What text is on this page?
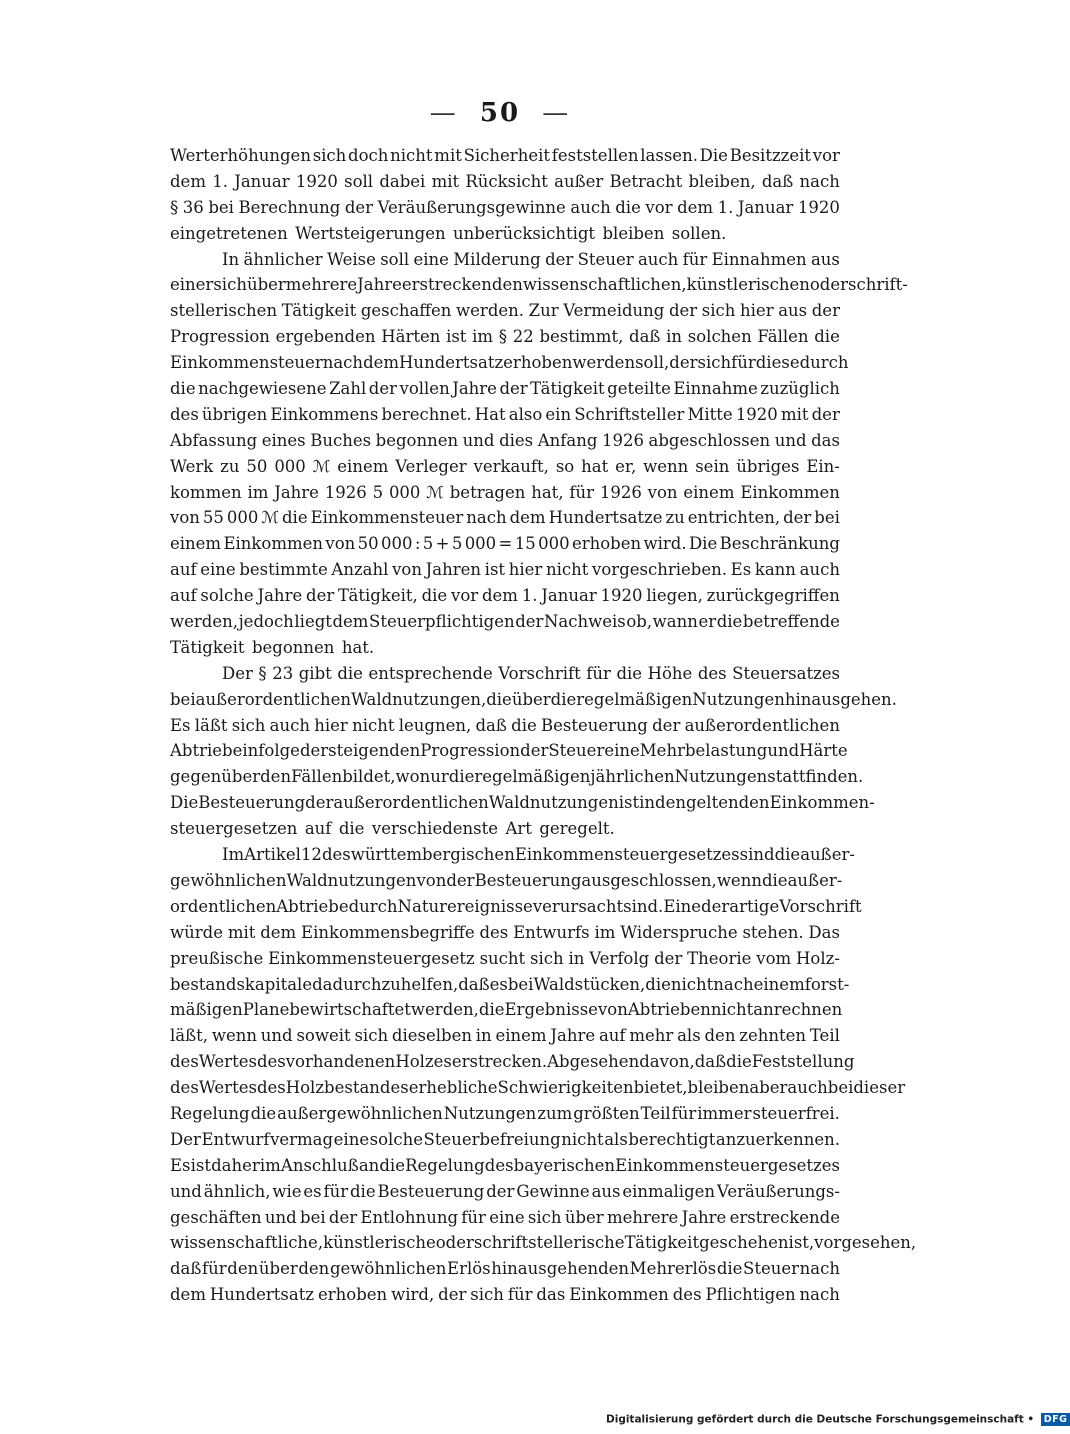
— 50 —
Werterhöhungen sich doch nicht mit Sicherheit feststellen lassen. Die Besitzzeit vor
dem 1. Januar 1920 soll dabei mit Rücksicht außer Betracht bleiben, daß nach
§ 36 bei Berechnung der Veräußerungsgewinne auch die vor dem 1. Januar 1920
eingetretenen Wertsteigerungen unberücksichtigt bleiben sollen.
In ähnlicher Weise soll eine Milderung der Steuer auch für Einnahmen aus
einer sich über mehrere Jahre erstreckenden wissenschaftlichen, künstlerischen oder schrift-
stellerischen Tätigkeit geschaffen werden. Zur Vermeidung der sich hier aus der
Progression ergebenden Härten ist im § 22 bestimmt, daß in solchen Fällen die
Einkommensteuer nach dem Hundertsatz erhoben werden soll, der sich für diese durch
die nachgewiesene Zahl der vollen Jahre der Tätigkeit geteilte Einnahme zuzüglich
des übrigen Einkommens berechnet. Hat also ein Schriftsteller Mitte 1920 mit der
Abfassung eines Buches begonnen und dies Anfang 1926 abgeschlossen und das
Werk zu 50 000 ℳ einem Verleger verkauft, so hat er, wenn sein übriges Ein-
kommen im Jahre 1926 5 000 ℳ betragen hat, für 1926 von einem Einkommen
von 55 000 ℳ die Einkommensteuer nach dem Hundertsatze zu entrichten, der bei
einem Einkommen von 50 000 : 5 + 5 000 = 15 000 erhoben wird. Die Beschränkung
auf eine bestimmte Anzahl von Jahren ist hier nicht vorgeschrieben. Es kann auch
auf solche Jahre der Tätigkeit, die vor dem 1. Januar 1920 liegen, zurückgegriffen
werden, jedoch liegt dem Steuerpflichtigen der Nachweis ob, wann er die betreffende
Tätigkeit begonnen hat.
Der § 23 gibt die entsprechende Vorschrift für die Höhe des Steuersatzes
bei außerordentlichen Waldnutzungen, die über die regelmäßigen Nutzungen hinausgehen.
Es läßt sich auch hier nicht leugnen, daß die Besteuerung der außerordentlichen
Abtriebe infolge der steigenden Progression der Steuer eine Mehrbelastung und Härte
gegenüber den Fällen bildet, wo nur die regelmäßigen jährlichen Nutzungen stattfinden.
Die Besteuerung der außerordentlichen Waldnutzungen ist in den geltenden Einkommen-
steuergesetzen auf die verschiedenste Art geregelt.
Im Artikel 12 des württembergischen Einkommensteuergesetzes sind die außer-
gewöhnlichen Waldnutzungen von der Besteuerung ausgeschlossen, wenn die außer-
ordentlichen Abtriebe durch Naturereignisse verursacht sind. Eine derartige Vorschrift
würde mit dem Einkommensbegriffe des Entwurfs im Widerspruche stehen. Das
preußische Einkommensteuergesetz sucht sich in Verfolg der Theorie vom Holz-
bestandskapitale dadurch zu helfen, daß es bei Waldstücken, die nicht nach einem forst-
mäßigen Plane bewirtschaftet werden, die Ergebnisse von Abtrieben nicht anrechnen
läßt, wenn und soweit sich dieselben in einem Jahre auf mehr als den zehnten Teil
des Wertes des vorhandenen Holzes erstrecken. Abgesehen davon, daß die Feststellung
des Wertes des Holzbestandes erhebliche Schwierigkeiten bietet, bleiben aber auch bei dieser
Regelung die außergewöhnlichen Nutzungen zum größten Teil für immer steuerfrei.
Der Entwurf vermag eine solche Steuerbefreiung nicht als berechtigt anzuerkennen.
Es ist daher im Anschluß an die Regelung des bayerischen Einkommensteuergesetzes
und ähnlich, wie es für die Besteuerung der Gewinne aus einmaligen Veräußerungs-
geschäften und bei der Entlohnung für eine sich über mehrere Jahre erstreckende
wissenschaftliche, künstlerische oder schriftstellerische Tätigkeit geschehen ist, vorgesehen,
daß für den über den gewöhnlichen Erlös hinausgehenden Mehrerlös die Steuer nach
dem Hundertsatz erhoben wird, der sich für das Einkommen des Pflichtigen nach
Digitalisierung gefördert durch die Deutsche Forschungsgemeinschaft • DFG
